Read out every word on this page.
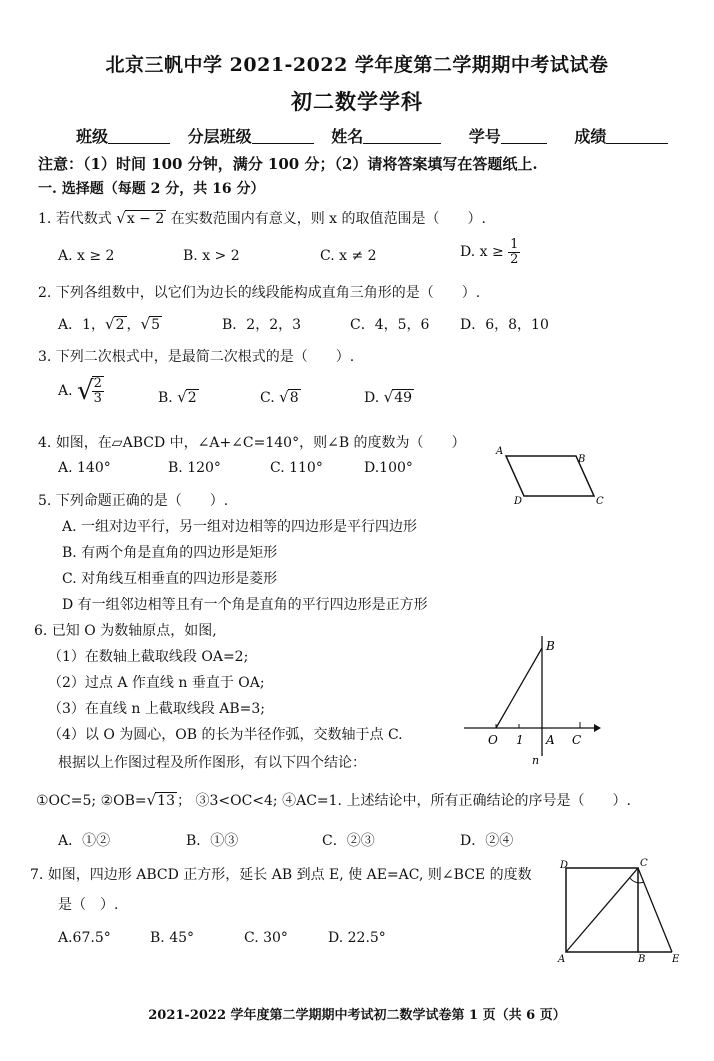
北京三帆中学 2021-2022 学年度第二学期期中考试试卷
初二数学学科
班级	分层班级	姓名	学号	成绩
注意：（1）时间 100 分钟，满分 100 分；（2）请将答案填写在答题纸上.
一. 选择题（每题 2 分，共 16 分）
1. 若代数式 √x − 2 在实数范围内有意义，则 x 的取值范围是（　　）.
A. x ≥ 2	B. x > 2	C. x ≠ 2	D. $x \ge \frac{1}{2}$
2. 下列各组数中，以它们为边长的线段能构成直角三角形的是（　　）.
A．1，√2 ，√5	B．2，2，3	C．4，5，6 D．6，8，10
3. 下列二次根式中，是最简二次根式的是（　　）.
A. √
$\frac{2}{3}$	B. √2	C. √8	D. √49
4. 如图，在▱ABCD 中，∠A+∠C=140°，则∠B 的度数为（　　）
A. 140°	B. 120°	C. 110°	D.100°
A
B
C
D
5. 下列命题正确的是（　　）.
A. 一组对边平行，另一组对边相等的四边形是平行四边形
B. 有两个角是直角的四边形是矩形
C. 对角线互相垂直的四边形是菱形
D 有一组邻边相等且有一个角是直角的平行四边形是正方形
6. 已知 O 为数轴原点，如图,
（1）在数轴上截取线段 OA=2;
（2）过点 A 作直线 n 垂直于 OA;
（3）在直线 n 上截取线段 AB=3;
（4）以 O 为圆心，OB 的长为半径作弧，交数轴于点 C.
根据以上作图过程及所作图形，有以下四个结论：
B
O 1 A C
n
①OC=5; ②OB=√13 ； ③3<OC<4; ④AC=1. 上述结论中，所有正确结论的序号是（　　）.
A．①②	B．①③	C．②③	D．②④
7. 如图，四边形 ABCD 正方形，延长 AB 到点 E, 使 AE=AC, 则∠BCE 的度数
是（　）.
A.67.5°	B. 45°	C. 30°	D. 22.5°
D	C
A	B	E
2021-2022 学年度第二学期期中考试初二数学试卷第 1 页（共 6 页）
